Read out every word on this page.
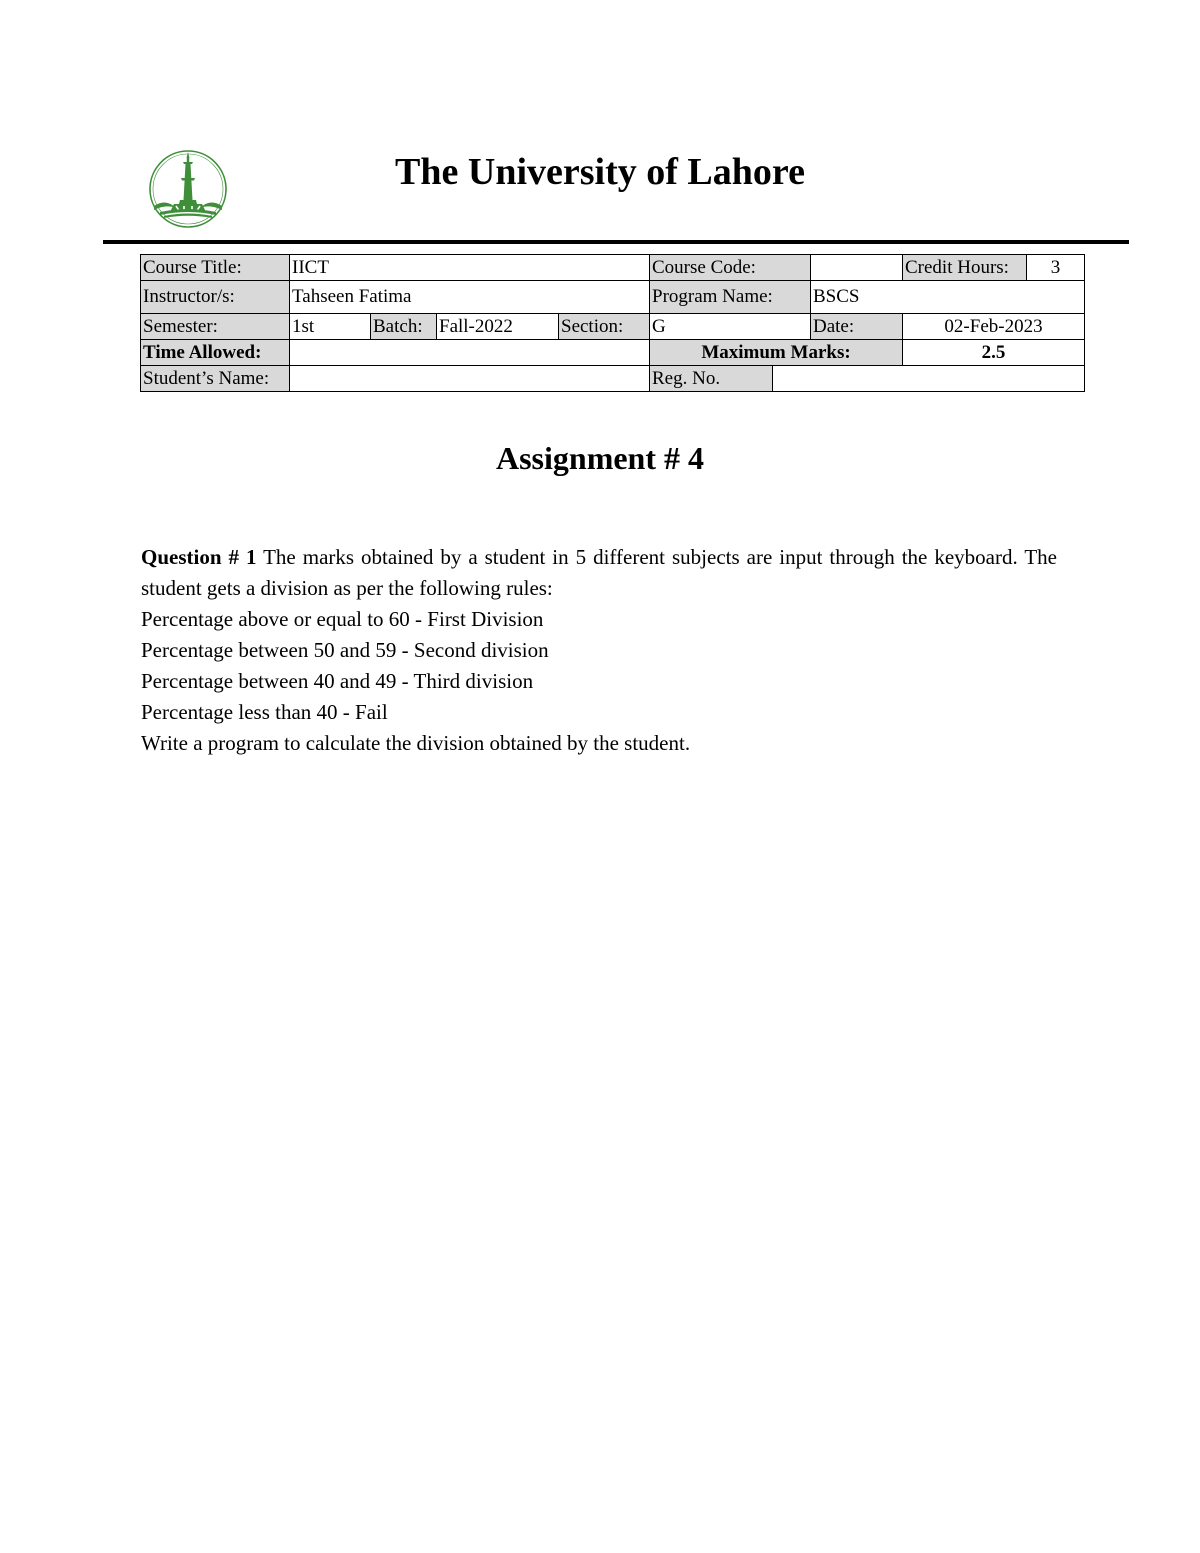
The University of Lahore
Course Title:	IICT				Course Code:			Credit Hours:	3
Instructor/s:	Tahseen Fatima				Program Name:		BSCS		
Semester:	1st	Batch:	Fall-2022	Section:	G		Date:	02-Feb-2023	
Time Allowed:					Maximum Marks:			2.5	
Student’s Name:					Reg. No.				
Assignment # 4

Question # 1 The marks obtained by a student in 5 different subjects are input through the keyboard. The student gets a division as per the following rules:

Percentage above or equal to 60 - First Division
Percentage between 50 and 59 - Second division
Percentage between 40 and 49 - Third division
Percentage less than 40 - Fail
Write a program to calculate the division obtained by the student.
